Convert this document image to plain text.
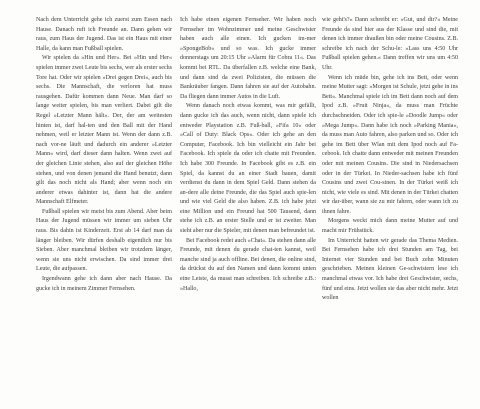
Nach dem Unterricht gehe ich zuerst zum Essen nach Hause. Danach ruft ich Freunde an. Dann gehen wir raus, zum Haus der Jugend. Das ist ein Haus mit einer Halle, da kann man Fußball spielen.

Wir spielen da »Hin und Her«. Bei »Hin und Her« spielen immer zwei Leute bis sechs, wer als erster sechs Tore hat. Oder wir spielen »Drei gegen Drei«, auch bis sechs. Die Mannschaft, die verloren hat muss rausgehen. Dafür kommen dann Neue. Man darf so lange weiter spielen, bis man verliert. Dabei gilt die Regel »Letzter Mann hält«. Der, der am weitesten hinten ist, darf hal-ten und den Ball mit der Hand nehmen, weil er letzter Mann ist. Wenn der dann z.B. nach vor-ne läuft und dadurch ein anderer »Letzter Mann« wird, darf dieser dann halten. Wenn zwei auf der gleichen Linie stehen, also auf der gleichen Höhe stehen, und von denen jemand die Hand benutzt, dann gilt das noch nicht als Hand; aber wenn noch ein anderer etwas dahinter ist, dann hat die andere Mannschaft Elfmeter.

Fußball spielen wir meist bis zum Abend. Aber beim Haus der Jugend müssen wir immer um sieben Uhr raus. Bis dahin ist Kinderzeit. Erst ab 14 darf man da länger bleiben. Wir dürfen deshalb eigentlich nur bis Sieben. Aber manchmal bleiben wir trotzdem länger, wenn sie uns nicht erwischen. Da sind immer drei Leute, die aufpassen.

Irgendwann gehe ich dann aber nach Hause. Da gucke ich in meinem Zimmer Fernsehen.

Ich habe einen eigenen Fernseher. Wir haben noch Fernseher im Wohnzimmer und meine Geschwister haben auch alle einen. Ich gucken im-mer »SpongeBob« und so was. Ich gucke immer donnerstags um 20:15 Uhr »Alarm für Cobra 11«. Das kommt bei RTL. Da überfallen z.B. welche eine Bank, und dann sind da zwei Polizisten, die müssen die Bankräuber fangen. Dann fahren sie auf der Autobahn. Da fliegen dann immer Autos in die Luft.

Wenn danach noch etwas kommt, was mir gefällt, dann gucke ich das auch, wenn nicht, dann spiele ich entweder Playstation z.B. Fuß-ball, »Fifa 10« oder »Call of Duty: Black Ops«. Oder ich gehe an den Computer, Facebook. Ich bin vielleicht ein Jahr bei Facebook. Ich spiele da oder ich chatte mit Freunden. Ich habe 300 Freunde. In Facebook gibt es z.B. ein Spiel, da kannst du an einer Stadt bauen, damit verdienst du dann in dem Spiel Geld. Dann stehen da an-dere alle deine Freunde, die das Spiel auch spie-len und wie viel Geld die also haben. Z.B. ich habe jetzt eine Million und ein Freund hat 500 Tausend, dann stehe ich z.B. an erster Stelle und er ist zweiter. Man sieht aber nur die Spieler, mit denen man befreundet ist.

Bei Facebook redet auch »Chat«. Da stehen dann alle Freunde, mit denen du gerade chat-ten kannst, weil manche sind ja auch offline. Bei denen, die online sind, da drückst du auf den Namen und dann kommt unten eine Leiste, da musst man schreiben. Ich schreibe z.B.: »Hallo,

wie geht's?« Dann schreibt er: »Gut, und dir?« Meine Freunde da sind hier aus der Klasse und sind die, mit denen ich immer draußen bin oder meine Cousins. Z.B. schreibe ich nach der Schu-le: »Lass uns 4:50 Uhr Fußball spielen gehen.« Dann treffen wir uns um 4:50 Uhr.

Wenn ich müde bin, gehe ich ins Bett, oder wenn meine Mutter sagt: »Morgen ist Schule, jetzt gehe in ins Bett«. Manchmal spiele ich im Bett dann noch auf dem Ipod z.B. »Fruit Ninja«, da muss man Früchte durchschneiden. Oder ich spie-le »Doodle Jump« oder »Mega Jump«. Dann habe ich noch »Parking Mania«, da muss man Auto fahren, also parken und so. Oder ich gehe im Bett über Wlan mit dem Ipod noch auf Fa-cebook. Ich chatte dann entweder mit meinen Freunden oder mit meinen Cousins. Die sind in Niedersachsen oder in der Türkei. In Nieder-sachsen habe ich fünf Cousins und zwei Cou-sinen. In der Türkei weiß ich nicht, wie viele es sind. Mit denen in der Türkei chatten wir dar-über, wann sie zu mir fahren, oder wann ich zu ihnen fahre.

Morgens weckt mich dann meine Mutter auf und macht mir Frühstück.

Im Unterricht hatten wir gerade das Thema Medien. Bei Fernsehen habe ich drei Stunden am Tag, bei Internet vier Stunden und bei Buch zehn Minuten geschrieben. Meinen kleinen Ge-schwistern lese ich manchmal etwas vor. Ich habe drei Geschwister, sechs, fünf und eins. Jetzt wollen sie das aber nicht mehr. Jetzt wollen
